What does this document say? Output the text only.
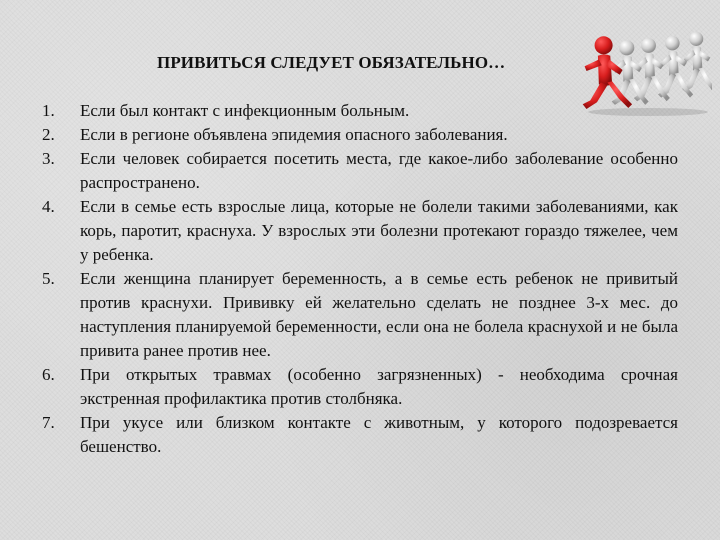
ПРИВИТЬСЯ СЛЕДУЕТ ОБЯЗАТЕЛЬНО…
1.	Если был контакт с инфекционным больным.
2.	Если в регионе объявлена эпидемия опасного заболевания.
3.	Если человек собирается посетить места, где какое-либо заболевание особенно распространено.
4.	Если в семье есть взрослые лица, которые не болели такими заболеваниями, как корь, паротит, краснуха. У взрослых эти болезни протекают гораздо тяжелее, чем у ребенка.
5.	Если женщина планирует беременность, а в семье есть ребенок не привитый против краснухи. Прививку ей желательно сделать не позднее 3-х мес. до наступления планируемой беременности, если она не болела краснухой и не была привита ранее против нее.
6.	При открытых травмах (особенно загрязненных) - необходима срочная экстренная профилактика против столбняка.
7.	При укусе или близком контакте с животным, у которого подозревается бешенство.
